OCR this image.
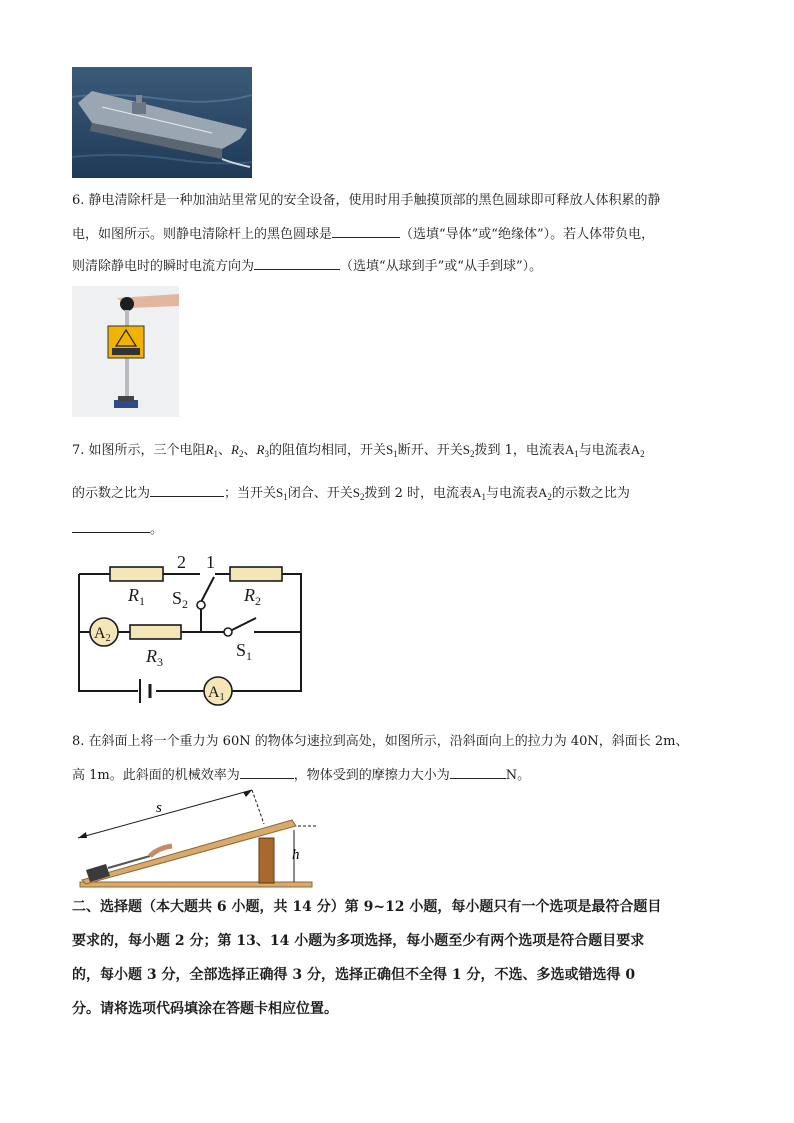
6. 静电清除杆是一种加油站里常见的安全设备，使用时用手触摸顶部的黑色圆球即可释放人体积累的静
电，如图所示。则静电清除杆上的黑色圆球是	（选填“导体”或“绝缘体”）。若人体带负电，
则清除静电时的瞬时电流方向为	（选填“从球到手”或“从手到球”）。
7. 如图所示，三个电阻$R_1$、$R_2$、$R_3$的阻值均相同，开关$S_1$断开、开关$S_2$拨到 1，电流表$A_1$与电流表$A_2$
的示数之比为	；当开关$S_1$闭合、开关$S_2$拨到 2 时，电流表$A_1$与电流表$A_2$的示数之比为
。
2 1
$R_1$	$R_2$
$R_3$
$S_2$
$S_1$
A2
A1
8. 在斜面上将一个重力为 60N 的物体匀速拉到高处，如图所示，沿斜面向上的拉力为 40N，斜面长 2m、
高 1m。此斜面的机械效率为	，物体受到的摩擦力大小为	N。
s
h
二、选择题（本大题共 6 小题，共 14 分）第 9~12 小题，每小题只有一个选项是最符合题目
要求的，每小题 2 分；第 13、14 小题为多项选择，每小题至少有两个选项是符合题目要求
的，每小题 3 分，全部选择正确得 3 分，选择正确但不全得 1 分，不选、多选或错选得 0
分。请将选项代码填涂在答题卡相应位置。
